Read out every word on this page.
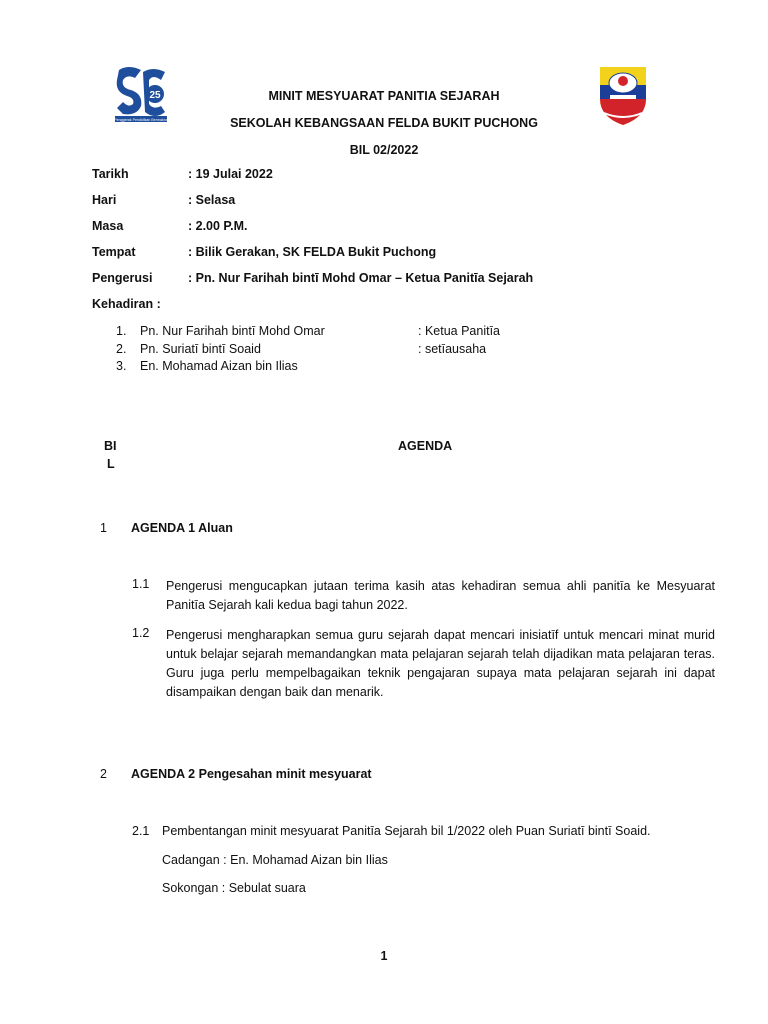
25
Penggerak Pendidikan Bermakna
MINIT MESYUARAT PANITIA SEJARAH
SEKOLAH KEBANGSAAN FELDA BUKIT PUCHONG
BIL 02/2022
Tarikh	: 19 Julai 2022
Hari	: Selasa
Masa	: 2.00 P.M.
Tempat	: Bilik Gerakan, SK FELDA Bukit Puchong
Pengerusi	: Pn. Nur Farihah bintī Mohd Omar – Ketua Panitīa Sejarah
Kehadiran :
1. Pn. Nur Farihah bintī Mohd Omar	: Ketua Panitīa
2. Pn. Suriatī bintī Soaid	: setīausaha
3. En. Mohamad Aizan bin Ilias
BI
L
AGENDA
1 AGENDA 1 Aluan
1.1 Pengerusi mengucapkan jutaan terima kasih atas kehadiran semua ahli panitīa ke Mesyuarat Panitīa Sejarah kali kedua bagi tahun 2022.
1.2 Pengerusi mengharapkan semua guru sejarah dapat mencari inisiatīf untuk mencari minat murid untuk belajar sejarah memandangkan mata pelajaran sejarah telah dijadikan mata pelajaran teras. Guru juga perlu mempelbagaikan teknik pengajaran supaya mata pelajaran sejarah ini dapat disampaikan dengan baik dan menarik.
2 AGENDA 2 Pengesahan minit mesyuarat
2.1 Pembentangan minit mesyuarat Panitīa Sejarah bil 1/2022 oleh Puan Suriatī bintī Soaid.
Cadangan : En. Mohamad Aizan bin Ilias
Sokongan : Sebulat suara
1
